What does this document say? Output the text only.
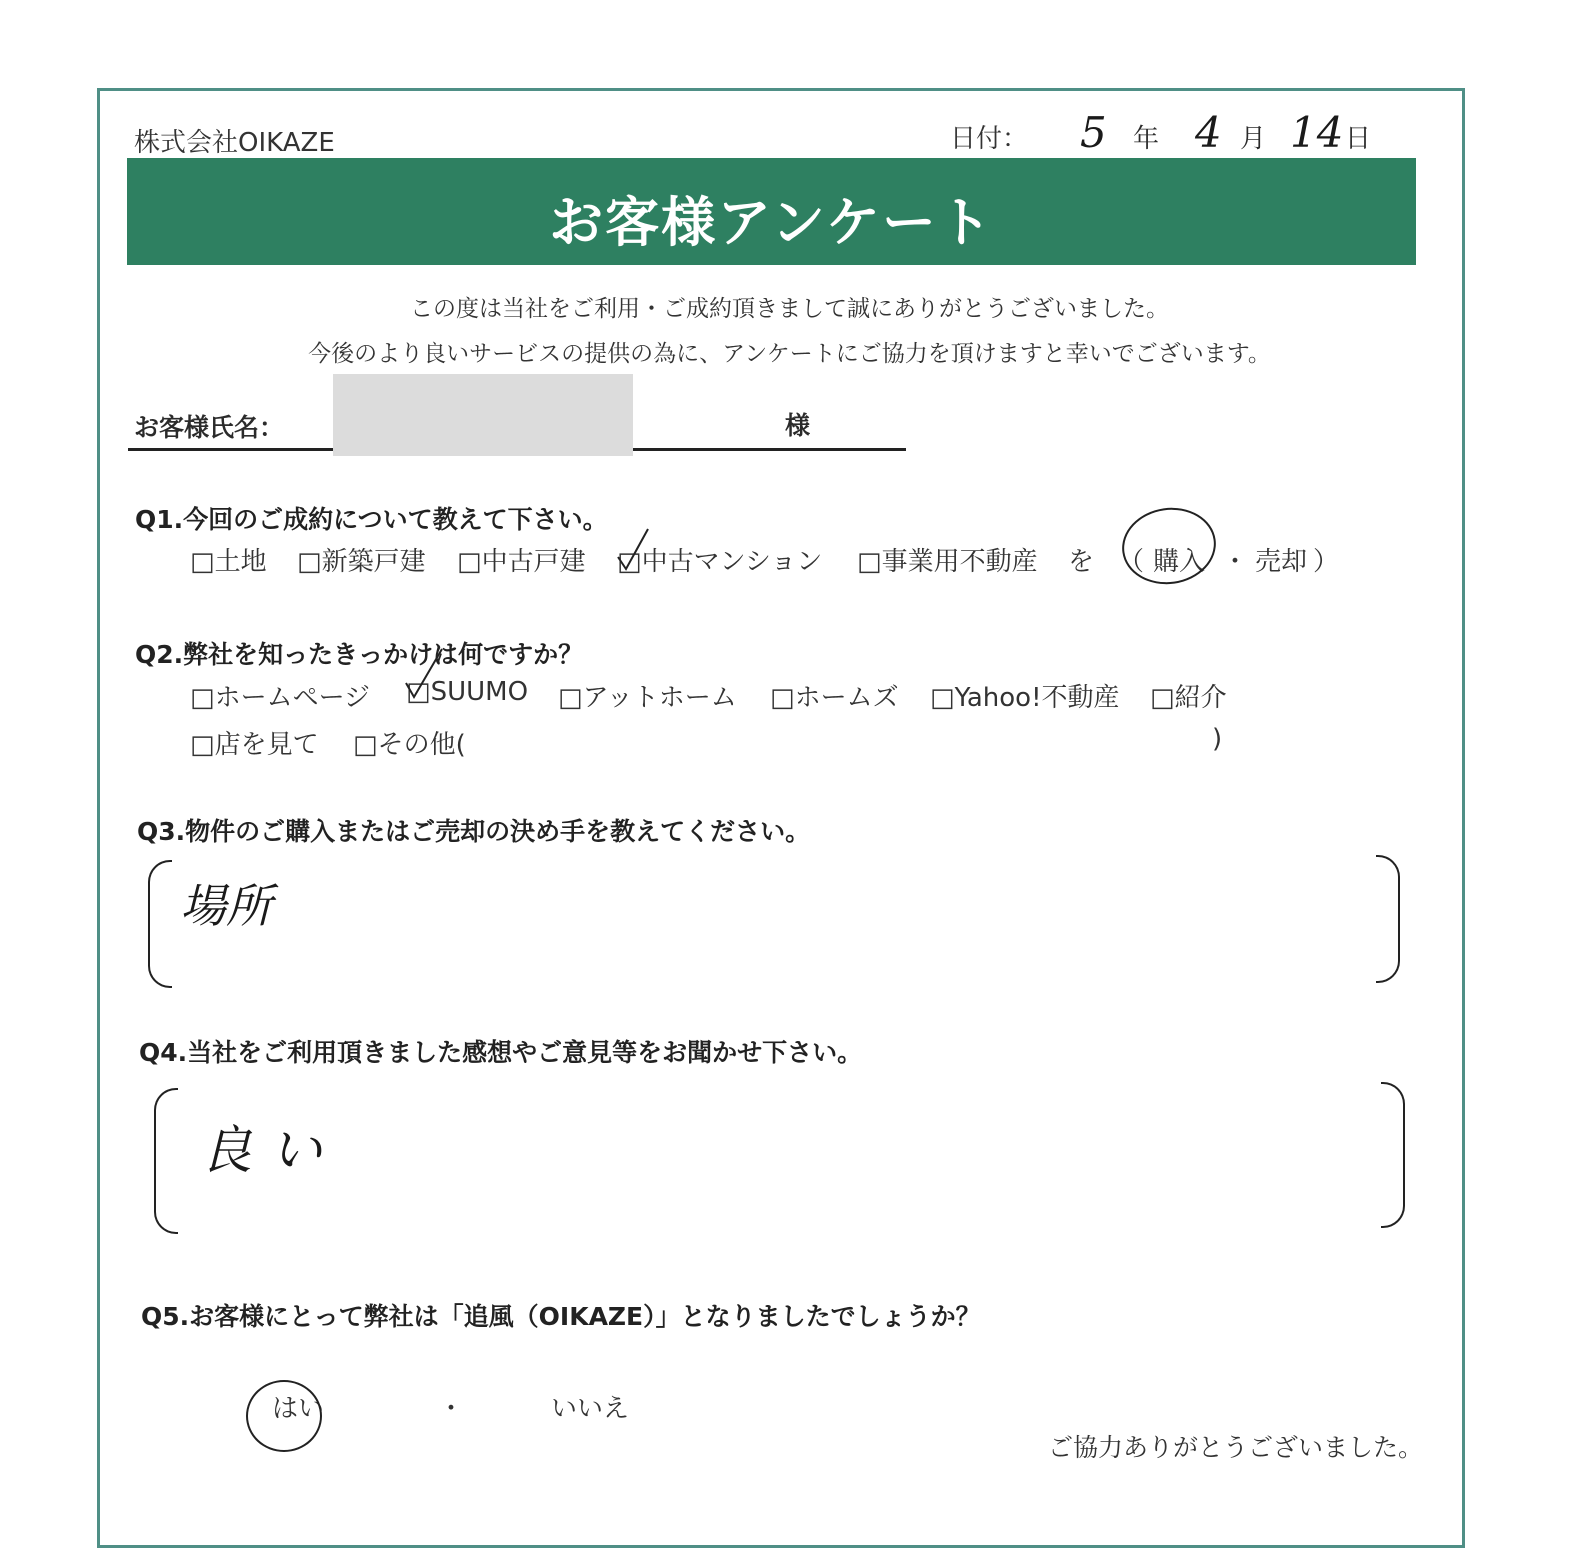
株式会社OIKAZE	日付： 5 年 4 月 14 日
お客様アンケート
この度は当社をご利用・ご成約頂きまして誠にありがとうございました。
今後のより良いサービスの提供の為に、アンケートにご協力を頂けますと幸いでございます。
お客様氏名：	様
Q1.今回のご成約について教えて下さい。
□土地 □新築戸建 □中古戸建 □中古マンション □事業用不動産 を （ 購入 ・ 売却 ）
Q2.弊社を知ったきっかけは何ですか？
□ホームページ □SUUMO □アットホーム □ホームズ □Yahoo!不動産 □紹介
□店を見て □その他(	)
Q3.物件のご購入またはご売却の決め手を教えてください。
場所
Q4.当社をご利用頂きました感想やご意見等をお聞かせ下さい。
良い
Q5.お客様にとって弊社は「追風（OIKAZE）」となりましたでしょうか？
はい	・	いいえ
ご協力ありがとうございました。
